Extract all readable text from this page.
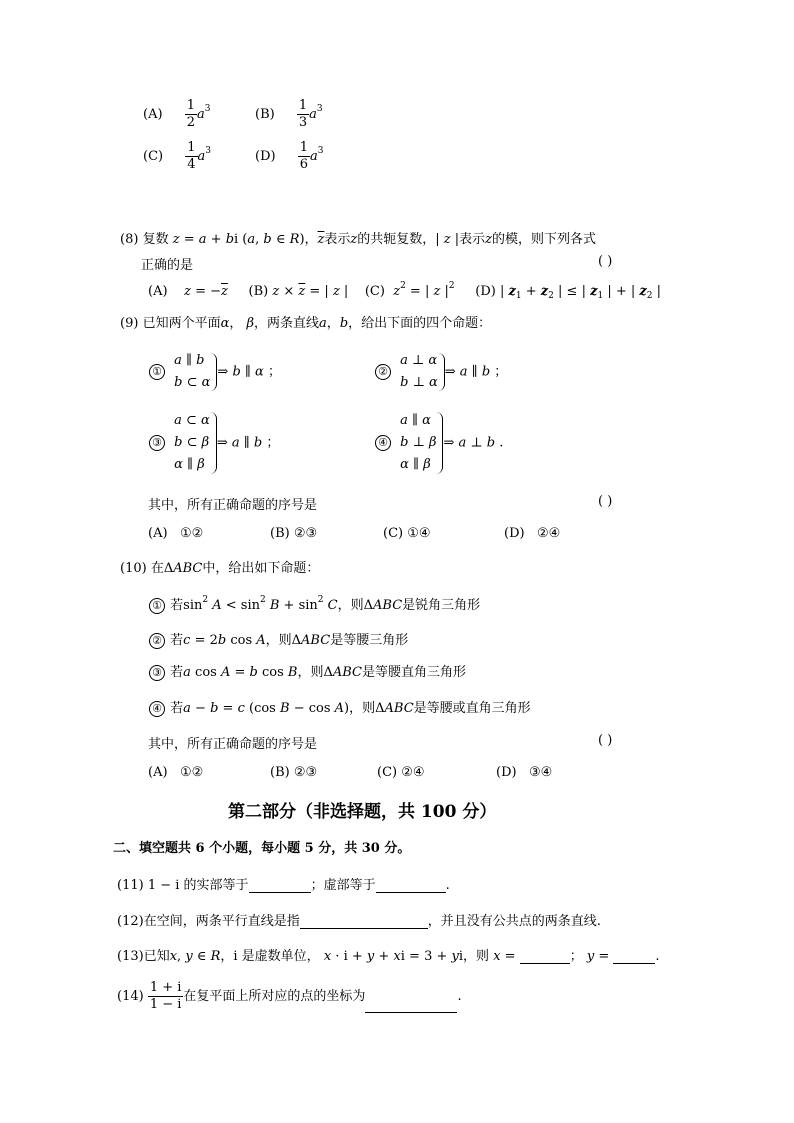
$(A) \frac{1}{2} a^3$	$(B) \frac{1}{3} a^3$
$(C) \frac{1}{4} a^3$	$(D) \frac{1}{6} a^3$
(8) 复数 z = a + bi (a, b ∈ R)，$\overline{z}$表示z的共轭复数，| z |表示z的模，则下列各式
正确的是	( )
(A) $z = -\overline{z}$ (B) $z \times \overline{z}$ = | z |    (C) $z^2$ = | z $|^2$ (D) | $z_1 + z_2$ | ≤ | $z_1$ | + | $z_2$ |
(9) 已知两个平面α， β，两条直线a，b，给出下面的四个命题：
① a ∥ b
b ⊂ α⇒ b ∥ α ；	② a ⊥ α
b ⊥ α⇒ a ∥ b ；
③ a ⊂ α
b ⊂ β
α ∥ β⇒ a ∥ b ；	④ a ∥ α
b ⊥ β
α ∥ β⇒ a ⊥ b .
其中，所有正确命题的序号是	( )
(A) ①②	(B) ②③	(C) ①④	(D) ②④
(10) 在ΔABC中，给出如下命题：
① 若$\sin^2 A < \sin^2 B + \sin^2 C$，则ΔABC是锐角三角形
② 若c = 2b cos A，则ΔABC是等腰三角形
③ 若a cos A = b cos B，则ΔABC是等腰直角三角形
④ 若a − b = c (cos B − cos A)，则ΔABC是等腰或直角三角形
其中，所有正确命题的序号是	( )
(A) ①②	(B) ②③	(C) ②④	(D) ③④
第二部分（非选择题，共 100 分）
二、填空题共 6 个小题，每小题 5 分，共 30 分。
(11) 1 − i 的实部等于	；虚部等于	.
(12)在空间，两条平行直线是指	，并且没有公共点的两条直线.
(13)已知x, y ∈ R，i 是虚数单位， x · i + y + xi = 3 + yi，则 x =	； y =	.
$(14) \frac{1 + i}{1 - i}$ 在复平面上所对应的点的坐标为	.
